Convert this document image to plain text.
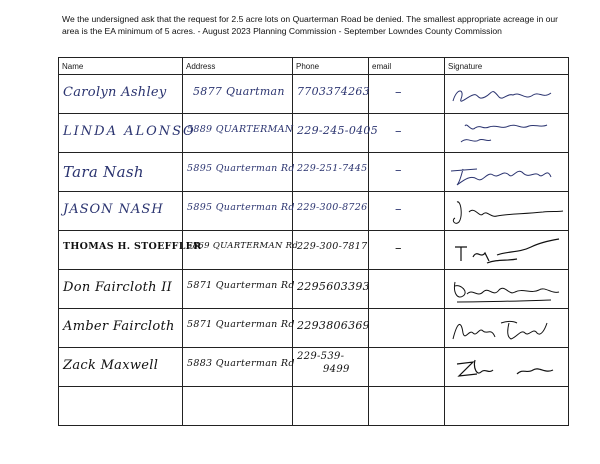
We the undersigned ask that the request for 2.5 acre lots on Quarterman Road be denied. The smallest appropriate acreage in our area is the EA minimum of 5 acres. - August 2023 Planning Commission - September Lowndes County Commission
Name	Address	Phone	email	Signature

Carolyn Ashley	5877 Quartman	7703374263	–

LINDA ALONSO	5889 QUARTERMAN	229-245-0405	–

Tara Nash	5895 Quarterman Rd	229-251-7445	–

JASON NASH	5895 Quarterman Rd	229-300-8726	–

THOMAS H. STOEFFLER	5869 QUARTERMAN Rd	229-300-7817	–

Don Faircloth II	5871 Quarterman Rd	2295603393

Amber Faircloth	5871 Quarterman Rd	2293806369

Zack Maxwell	5883 Quarterman Rd	229-539-
9499
